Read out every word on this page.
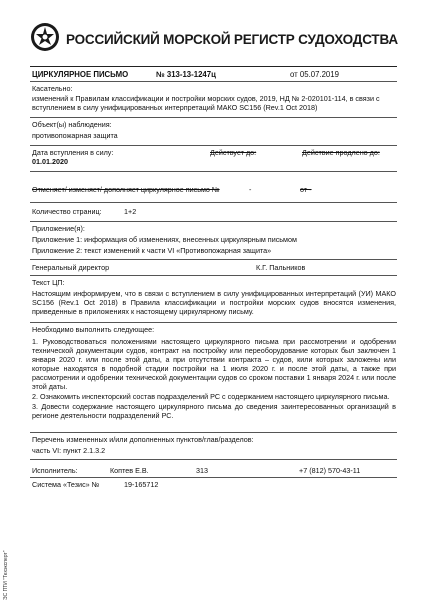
РОССИЙСКИЙ МОРСКОЙ РЕГИСТР СУДОХОДСТВА
ЦИРКУЛЯРНОЕ ПИСЬМО	№ 313-13-1247ц	от 05.07.2019
Касательно:
изменений к Правилам классификации и постройки морских судов, 2019, НД № 2-020101-114, в связи с вступлением в силу унифицированных интерпретаций МАКО SC156 (Rev.1 Oct 2018)
Объект(ы) наблюдения:
противопожарная защита
Дата вступления в силу:
01.01.2020
Действует до:	Действие продлено до:
Отменяет/ изменяет/ дополняет циркулярное письмо №	-	от -
Количество страниц:	1+2
Приложение(я):
Приложение 1: информация об изменениях, внесенных циркулярным письмом
Приложение 2: текст изменений к части VI «Противопожарная защита»
Генеральный директор	К.Г. Пальников
Текст ЦП:

Настоящим информируем, что в связи с вступлением в силу унифицированных интерпретаций (УИ) МАКО SC156 (Rev.1 Oct 2018) в Правила классификации и постройки морских судов вносятся изменения, приведенные в приложениях к настоящему циркулярному письму.

Необходимо выполнить следующее:

1. Руководствоваться положениями настоящего циркулярного письма при рассмотрении и одобрении технической документации судов, контракт на постройку или переоборудование которых был заключен 1 января 2020 г. или после этой даты, а при отсутствии контракта – судов, кили которых заложены или которые находятся в подобной стадии постройки на 1 июля 2020 г. и после этой даты, а также при рассмотрении и одобрении технической документации судов со сроком поставки 1 января 2024 г. или после этой даты.

2. Ознакомить инспекторский состав подразделений РС с содержанием настоящего циркулярного письма.

3. Довести содержание настоящего циркулярного письма до сведения заинтересованных организаций в регионе деятельности подразделений РС.

Перечень измененных и/или дополненных пунктов/глав/разделов:
часть VI: пункт 2.1.3.2
Исполнитель:	Коптев Е.В.	313	+7 (812) 570-43-11
Система «Тезис» №	19-165712
ЭС ПТИ "Техэксперт"
